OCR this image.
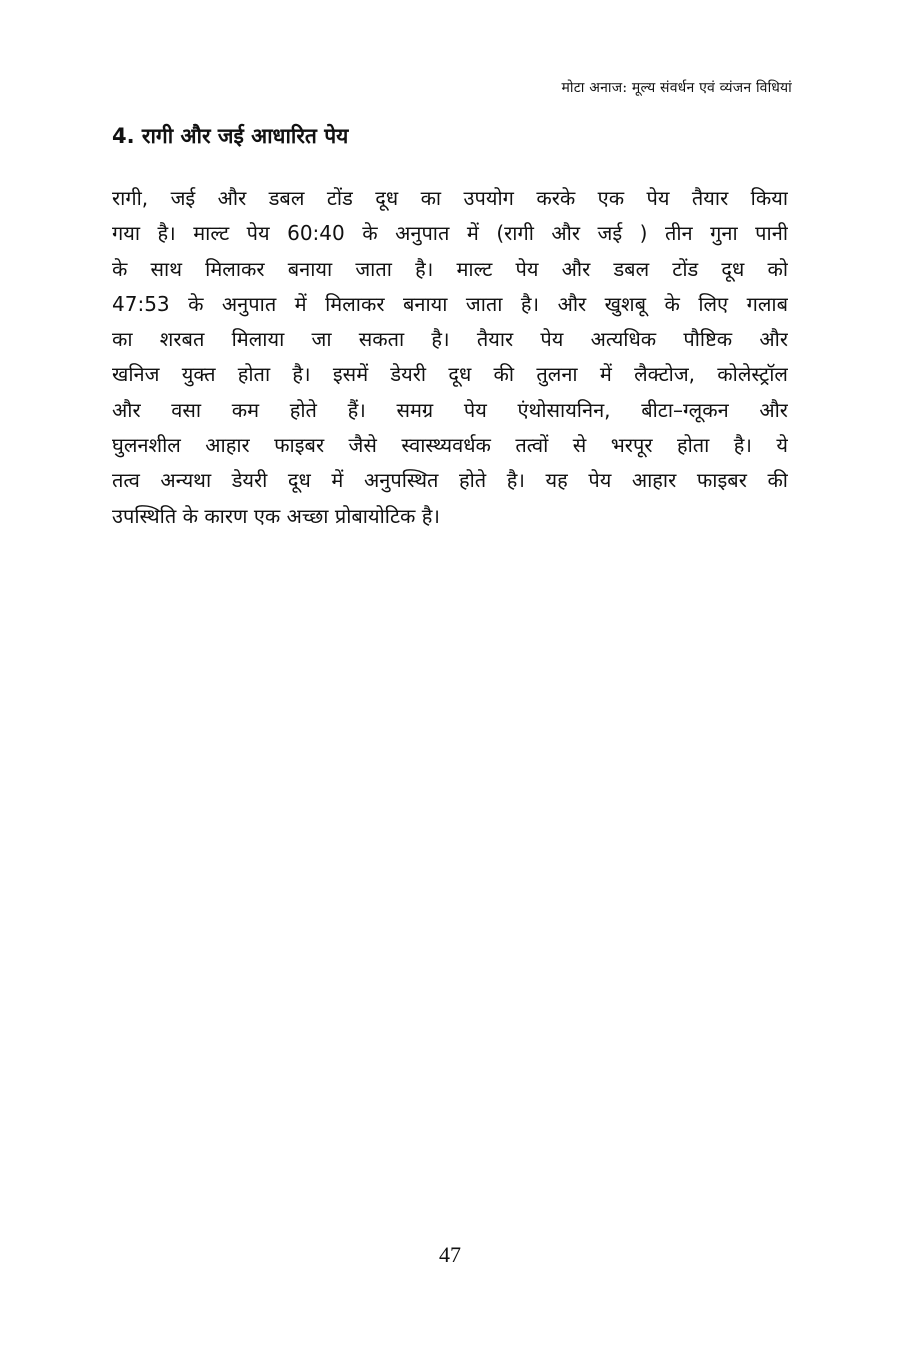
मोटा अनाज: मूल्य संवर्धन एवं व्यंजन विधियां
4. रागी और जई आधारित पेय
रागी, जई और डबल टोंड दूध का उपयोग करके एक पेय तैयार किया
गया है। माल्ट पेय 60:40 के अनुपात में (रागी और जई ) तीन गुना पानी
के साथ मिलाकर बनाया जाता है। माल्ट पेय और डबल टोंड दूध को
47:53 के अनुपात में मिलाकर बनाया जाता है। और खुशबू के लिए गलाब
का शरबत मिलाया जा सकता है। तैयार पेय अत्यधिक पौष्टिक और
खनिज युक्त होता है। इसमें डेयरी दूध की तुलना में लैक्टोज, कोलेस्ट्रॉल
और वसा कम होते हैं। समग्र पेय एंथोसायनिन, बीटा–ग्लूकन और
घुलनशील आहार फाइबर जैसे स्वास्थ्यवर्धक तत्वों से भरपूर होता है। ये
तत्व अन्यथा डेयरी दूध में अनुपस्थित होते है। यह पेय आहार फाइबर की
उपस्थिति के कारण एक अच्छा प्रोबायोटिक है।
47
